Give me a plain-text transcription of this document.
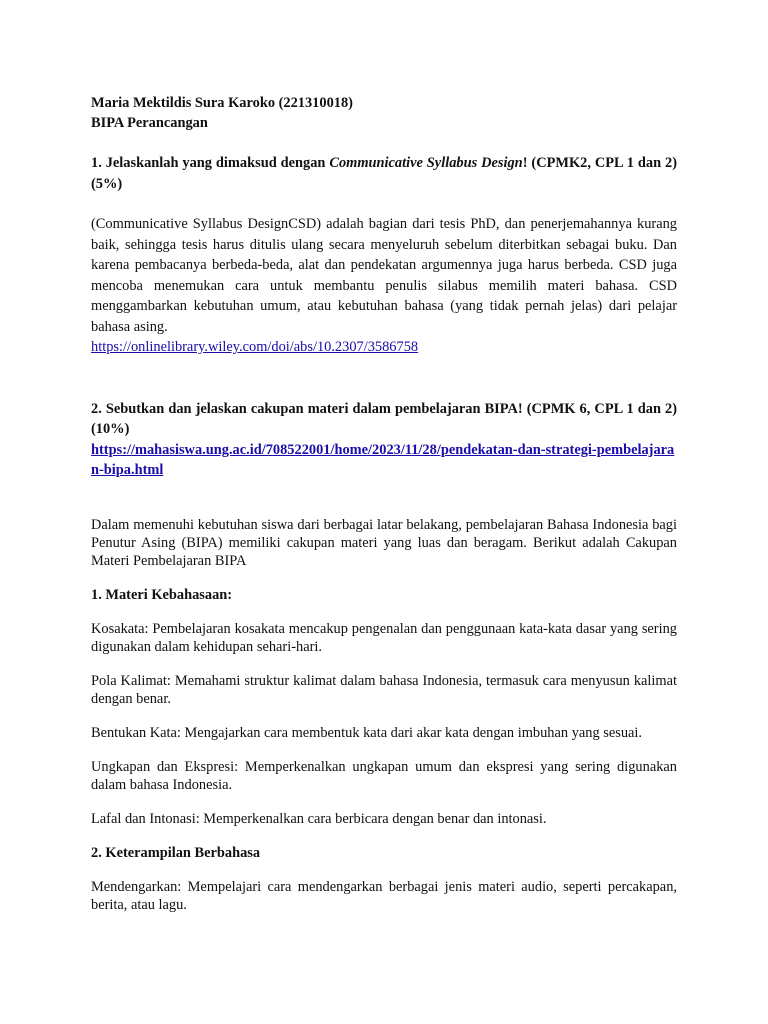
Maria Mektildis Sura Karoko (221310018)

BIPA Perancangan

1. Jelaskanlah yang dimaksud dengan Communicative Syllabus Design! (CPMK2, CPL 1 dan 2) (5%)

(Communicative Syllabus DesignCSD) adalah bagian dari tesis PhD, dan penerjemahannya kurang baik, sehingga tesis harus ditulis ulang secara menyeluruh sebelum diterbitkan sebagai buku. Dan karena pembacanya berbeda-beda, alat dan pendekatan argumennya juga harus berbeda. CSD juga mencoba menemukan cara untuk membantu penulis silabus memilih materi bahasa. CSD menggambarkan kebutuhan umum, atau kebutuhan bahasa (yang tidak pernah jelas) dari pelajar bahasa asing.

https://onlinelibrary.wiley.com/doi/abs/10.2307/3586758

2. Sebutkan dan jelaskan cakupan materi dalam pembelajaran BIPA! (CPMK 6, CPL 1 dan 2) (10%)

https://mahasiswa.ung.ac.id/708522001/home/2023/11/28/pendekatan-dan-strategi-pembelajaran-bipa.html

Dalam memenuhi kebutuhan siswa dari berbagai latar belakang, pembelajaran Bahasa Indonesia bagi Penutur Asing (BIPA) memiliki cakupan materi yang luas dan beragam. Berikut adalah Cakupan Materi Pembelajaran BIPA

1. Materi Kebahasaan:

Kosakata: Pembelajaran kosakata mencakup pengenalan dan penggunaan kata-kata dasar yang sering digunakan dalam kehidupan sehari-hari.

Pola Kalimat: Memahami struktur kalimat dalam bahasa Indonesia, termasuk cara menyusun kalimat dengan benar.

Bentukan Kata: Mengajarkan cara membentuk kata dari akar kata dengan imbuhan yang sesuai.

Ungkapan dan Ekspresi: Memperkenalkan ungkapan umum dan ekspresi yang sering digunakan dalam bahasa Indonesia.

Lafal dan Intonasi: Memperkenalkan cara berbicara dengan benar dan intonasi.

2. Keterampilan Berbahasa

Mendengarkan: Mempelajari cara mendengarkan berbagai jenis materi audio, seperti percakapan, berita, atau lagu.
